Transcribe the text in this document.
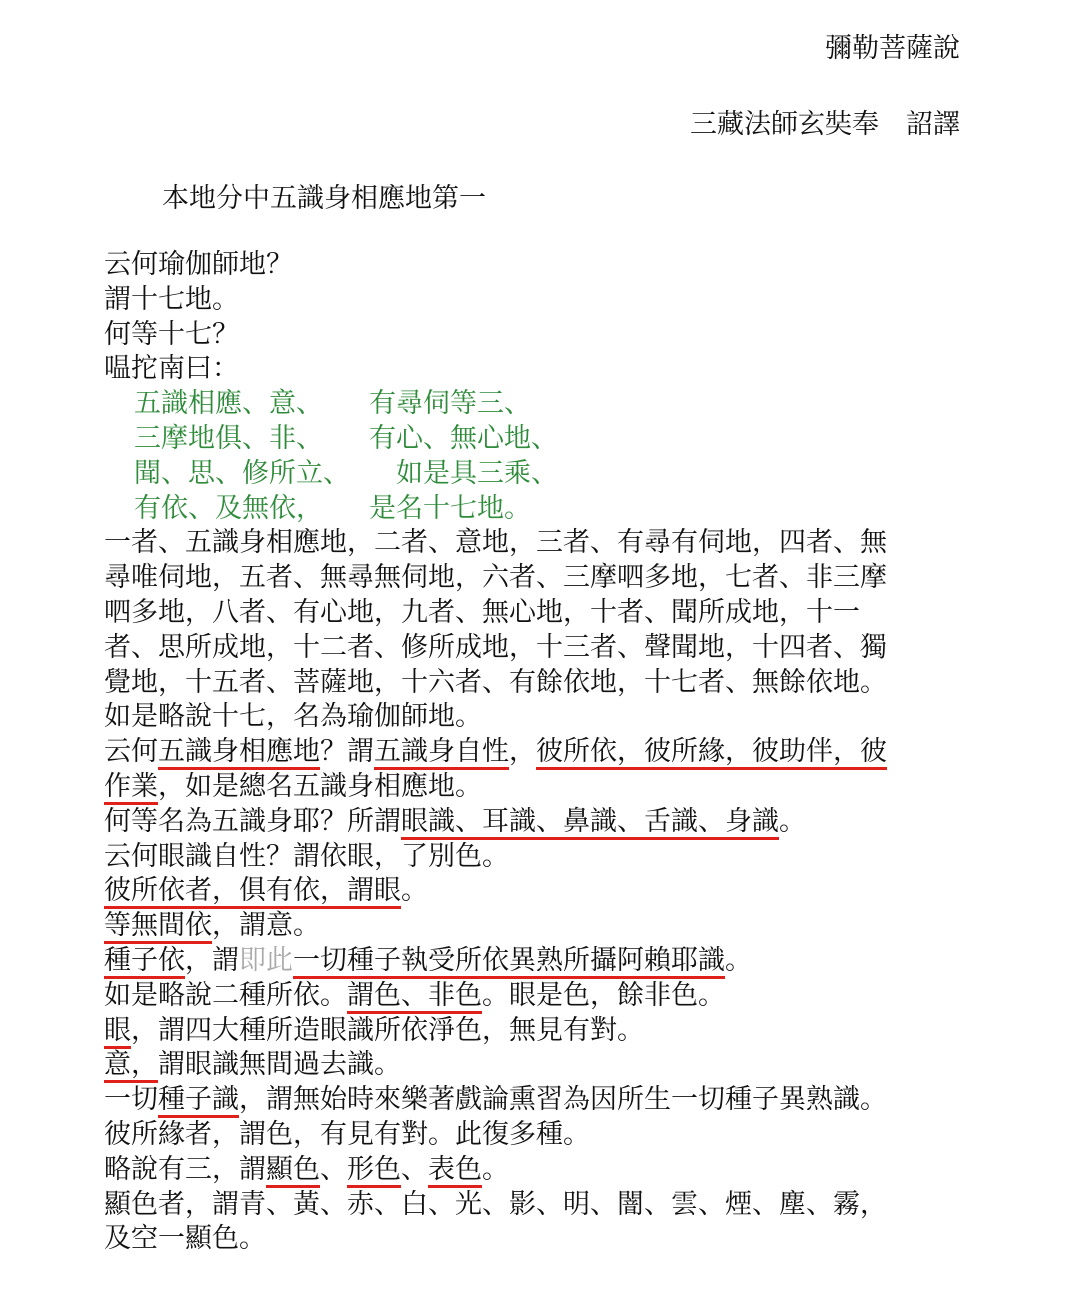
彌勒菩薩說
三藏法師玄奘奉　詔譯
本地分中五識身相應地第一
云何瑜伽師地？
謂十七地。
何等十七？
嗢拕南曰：
五識相應、意、 有尋伺等三、
三摩地俱、非、 有心、無心地、
聞、思、修所立、 如是具三乘、
有依、及無依， 是名十七地。
一者、五識身相應地，二者、意地，三者、有尋有伺地，四者、無
尋唯伺地，五者、無尋無伺地，六者、三摩呬多地，七者、非三摩
呬多地，八者、有心地，九者、無心地，十者、聞所成地，十一
者、思所成地，十二者、修所成地，十三者、聲聞地，十四者、獨
覺地，十五者、菩薩地，十六者、有餘依地，十七者、無餘依地。
如是略說十七，名為瑜伽師地。
云何五識身相應地？謂五識身自性，彼所依，彼所緣，彼助伴，彼
作業，如是總名五識身相應地。
何等名為五識身耶？所謂眼識、耳識、鼻識、舌識、身識。
云何眼識自性？謂依眼，了別色。
彼所依者，俱有依，謂眼。
等無間依，謂意。
種子依，謂即此一切種子執受所依異熟所攝阿賴耶識。
如是略說二種所依。謂色、非色。眼是色，餘非色。
眼，謂四大種所造眼識所依淨色，無見有對。
意，謂眼識無間過去識。
一切種子識，謂無始時來樂著戲論熏習為因所生一切種子異熟識。
彼所緣者，謂色，有見有對。此復多種。
略說有三，謂顯色、形色、表色。
顯色者，謂青、黃、赤、白、光、影、明、闇、雲、煙、塵、霧，
及空一顯色。
